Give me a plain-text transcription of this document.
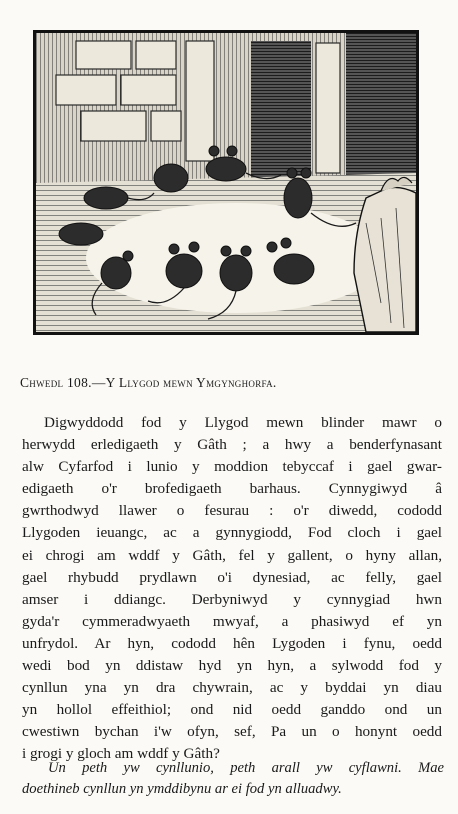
Chwedl 108.—Y Llygod mewn Ymgynghorfa.
Digwyddodd fod y Llygod mewn blinder mawr o
herwydd erledigaeth y Gâth ; a hwy a benderfynasant
alw Cyfarfod i lunio y moddion tebyccaf i gael gwar-
edigaeth o'r brofedigaeth barhaus. Cynnygiwyd â
gwrthodwyd llawer o fesurau : o'r diwedd, cododd
Llygoden ieuangc, ac a gynnygiodd, Fod cloch i gael
ei chrogi am wddf y Gâth, fel y gallent, o hyny allan,
gael rhybudd prydlawn o'i dynesiad, ac felly, gael
amser i ddiangc. Derbyniwyd y cynnygiad hwn
gyda'r cymmeradwyaeth mwyaf, a phasiwyd ef yn
unfrydol. Ar hyn, cododd hên Lygoden i fynu, oedd
wedi bod yn ddistaw hyd yn hyn, a sylwodd fod y
cynllun yna yn dra chywrain, ac y byddai yn diau
yn hollol effeithiol; ond nid oedd ganddo ond un
cwestiwn bychan i'w ofyn, sef, Pa un o honynt oedd
i grogi y gloch am wddf y Gâth?
Un peth yw cynllunio, peth arall yw cyflawni. Mae
doethineb cynllun yn ymddibynu ar ei fod yn alluadwy.
